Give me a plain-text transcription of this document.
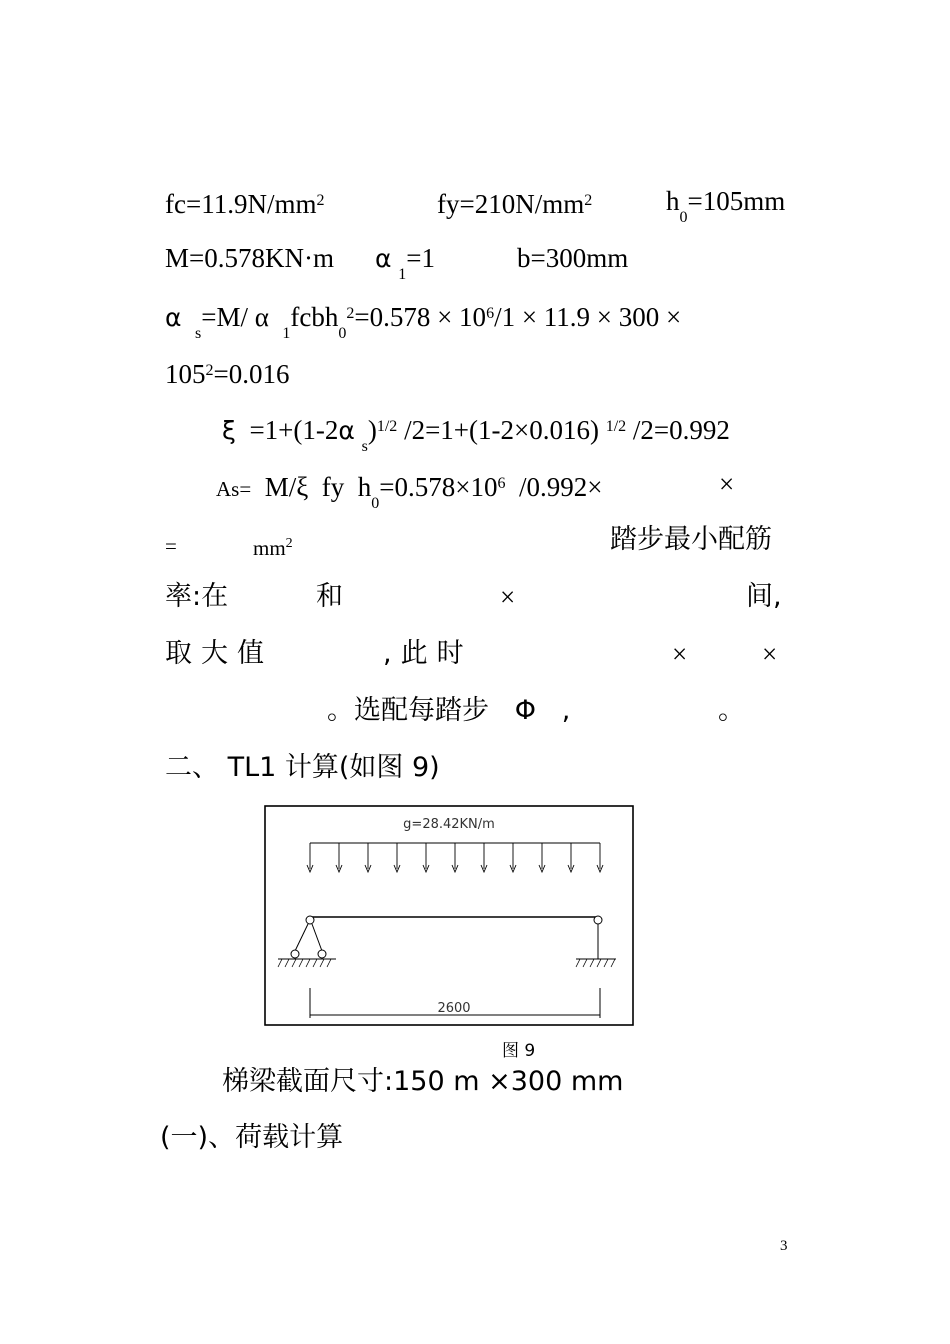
$fc=11.9N/mm^2$	$fy=210N/mm^2$	$h_0=105mm$
M=0.578KN·m α $_1$=1	b=300mm
α  $_s$=M/ α  $_1$fcbh$_0^2$=0.578 × $10^6/1 \times 11.9 \times 300$ ×
$105^2=0.016$
ξ =1+(1-2α $_s$)$^{1/2}$ /2=1+(1-2×0.016) $^{1/2}$ /2=0.992
As= M/ξ fy $h_0=0.578\times 10^6$ /0.992×	×
=	$mm^2$	踏步最小配筋
率:在	和	×	间,
取大值	,此时	×	×
。选配每踏步 Φ ,	。
二、 TL1 计算(如图 9)
g=28.42KN/m
2600
图 9
梯梁截面尺寸:150 m ×300 mm
(一)、荷载计算
3
